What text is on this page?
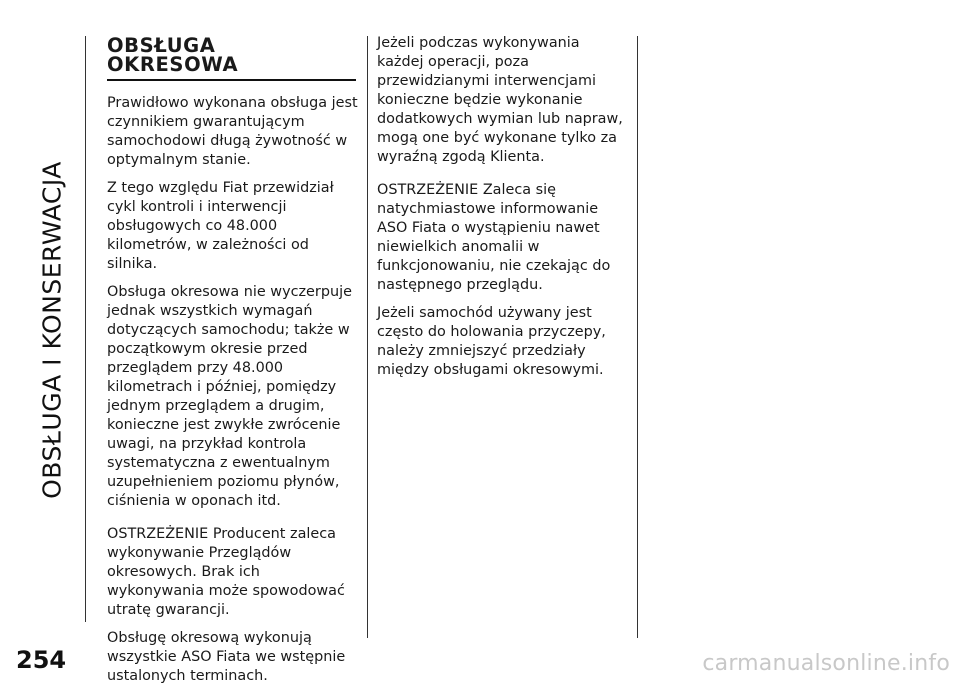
OBSŁUGA I KONSERWACJA
OBSŁUGA
OKRESOWA

Prawidłowo wykonana obsługa jest czynnikiem gwarantującym samochodowi długą żywotność w optymalnym stanie.

Z tego względu Fiat przewidział cykl kontroli i interwencji obsługowych co 48.000 kilometrów, w zależności od silnika.

Obsługa okresowa nie wyczerpuje jednak wszystkich wymagań dotyczących samochodu; także w początkowym okresie przed przeglądem przy 48.000 kilometrach i później, pomiędzy jednym przeglądem a drugim, konieczne jest zwykłe zwrócenie uwagi, na przykład kontrola systematyczna z ewentualnym uzupełnieniem poziomu płynów, ciśnienia w oponach itd.

OSTRZEŻENIE Producent zaleca wykonywanie Przeglądów okresowych. Brak ich wykonywania może spowodować utratę gwarancji.

Obsługę okresową wykonują wszystkie ASO Fiata we wstępnie ustalonych terminach.

Jeżeli podczas wykonywania każdej operacji, poza przewidzianymi interwencjami konieczne będzie wykonanie dodatkowych wymian lub napraw, mogą one być wykonane tylko za wyraźną zgodą Klienta.

OSTRZEŻENIE Zaleca się natychmiastowe informowanie ASO Fiata o wystąpieniu nawet niewielkich anomalii w funkcjonowaniu, nie czekając do następnego przeglądu.

Jeżeli samochód używany jest często do holowania przyczepy, należy zmniejszyć przedziały między obsługami okresowymi.

254	carmanualsonline.info
